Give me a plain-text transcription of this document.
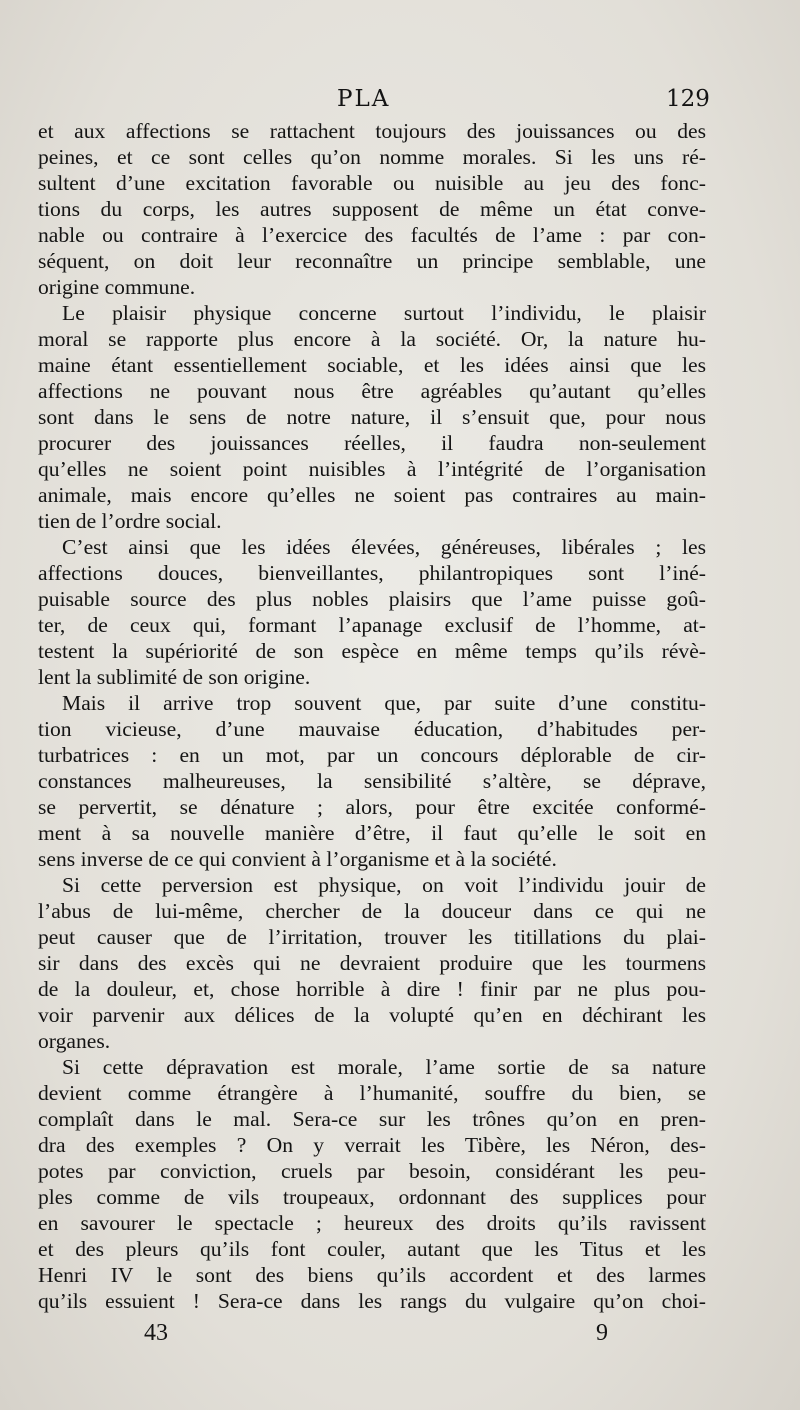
PLA	129
et aux affections se rattachent toujours des jouissances ou des
peines, et ce sont celles qu’on nomme morales. Si les uns ré-
sultent d’une excitation favorable ou nuisible au jeu des fonc-
tions du corps, les autres supposent de même un état conve-
nable ou contraire à l’exercice des facultés de l’ame : par con-
séquent, on doit leur reconnaître un principe semblable, une
origine commune.
Le plaisir physique concerne surtout l’individu, le plaisir
moral se rapporte plus encore à la société. Or, la nature hu-
maine étant essentiellement sociable, et les idées ainsi que les
affections ne pouvant nous être agréables qu’autant qu’elles
sont dans le sens de notre nature, il s’ensuit que, pour nous
procurer des jouissances réelles, il faudra non-seulement
qu’elles ne soient point nuisibles à l’intégrité de l’organisation
animale, mais encore qu’elles ne soient pas contraires au main-
tien de l’ordre social.
C’est ainsi que les idées élevées, généreuses, libérales ; les
affections douces, bienveillantes, philantropiques sont l’iné-
puisable source des plus nobles plaisirs que l’ame puisse goû-
ter, de ceux qui, formant l’apanage exclusif de l’homme, at-
testent la supériorité de son espèce en même temps qu’ils révè-
lent la sublimité de son origine.
Mais il arrive trop souvent que, par suite d’une constitu-
tion vicieuse, d’une mauvaise éducation, d’habitudes per-
turbatrices : en un mot, par un concours déplorable de cir-
constances malheureuses, la sensibilité s’altère, se déprave,
se pervertit, se dénature ; alors, pour être excitée conformé-
ment à sa nouvelle manière d’être, il faut qu’elle le soit en
sens inverse de ce qui convient à l’organisme et à la société.
Si cette perversion est physique, on voit l’individu jouir de
l’abus de lui-même, chercher de la douceur dans ce qui ne
peut causer que de l’irritation, trouver les titillations du plai-
sir dans des excès qui ne devraient produire que les tourmens
de la douleur, et, chose horrible à dire ! finir par ne plus pou-
voir parvenir aux délices de la volupté qu’en en déchirant les
organes.
Si cette dépravation est morale, l’ame sortie de sa nature
devient comme étrangère à l’humanité, souffre du bien, se
complaît dans le mal. Sera-ce sur les trônes qu’on en pren-
dra des exemples ? On y verrait les Tibère, les Néron, des-
potes par conviction, cruels par besoin, considérant les peu-
ples comme de vils troupeaux, ordonnant des supplices pour
en savourer le spectacle ; heureux des droits qu’ils ravissent
et des pleurs qu’ils font couler, autant que les Titus et les
Henri IV le sont des biens qu’ils accordent et des larmes
qu’ils essuient ! Sera-ce dans les rangs du vulgaire qu’on choi-
43	9
